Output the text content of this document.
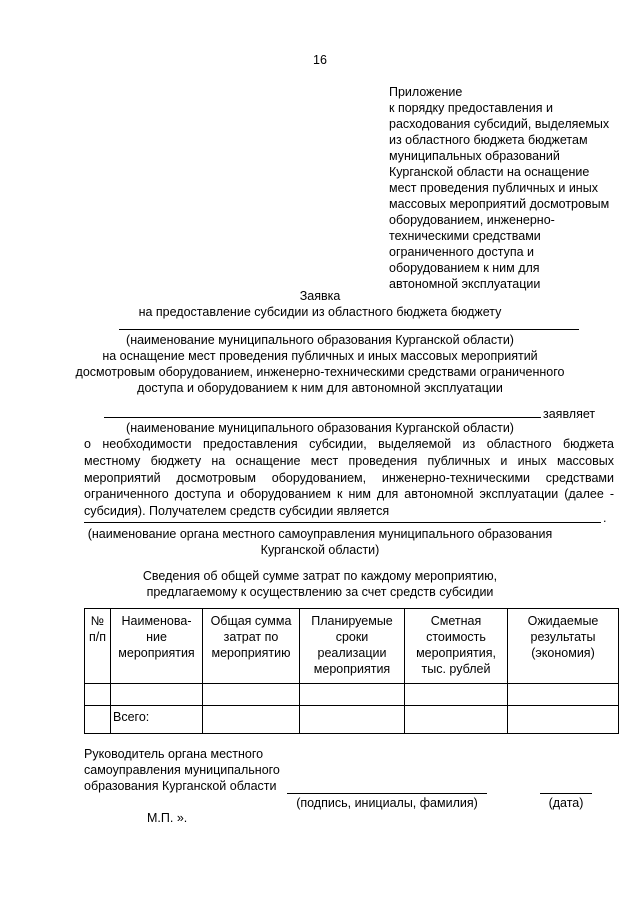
16
Приложение
к порядку предоставления и
расходования субсидий, выделяемых
из областного бюджета бюджетам
муниципальных образований
Курганской области на оснащение
мест проведения публичных и иных
массовых мероприятий досмотровым
оборудованием, инженерно-
техническими средствами
ограниченного доступа и
оборудованием к ним для
автономной эксплуатации
Заявка
на предоставление субсидии из областного бюджета бюджету
(наименование муниципального образования Курганской области)
на оснащение мест проведения публичных и иных массовых мероприятий
досмотровым оборудованием, инженерно-техническими средствами ограниченного
доступа и оборудованием к ним для автономной эксплуатации
заявляет
(наименование муниципального образования Курганской области)
о необходимости предоставления субсидии, выделяемой из областного бюджета местному бюджету на оснащение мест проведения публичных и иных массовых мероприятий досмотровым оборудованием, инженерно-техническими средствами ограниченного доступа и оборудованием к ним для автономной эксплуатации (далее - субсидия). Получателем средств субсидии является	.
(наименование органа местного самоуправления муниципального образования
Курганской области)
Сведения об общей сумме затрат по каждому мероприятию,
предлагаемому к осуществлению за счет средств субсидии
№ п/п	Наименова-ние мероприятия	Общая сумма затрат по мероприятию	Планируемые сроки реализации мероприятия	Сметная стоимость мероприятия, тыс. рублей	Ожидаемые результаты (экономия)

	Всего:				
Руководитель органа местного
самоуправления муниципального
образования Курганской области
(подпись, инициалы, фамилия)	(дата)
М.П. ».
